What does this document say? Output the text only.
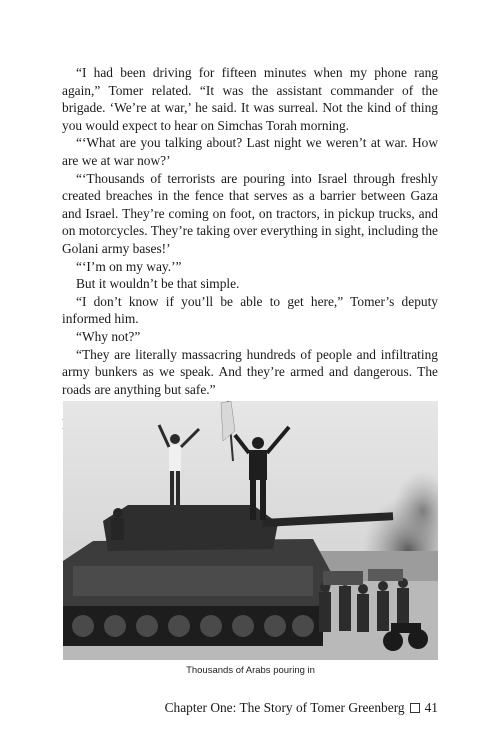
“I had been driving for fifteen minutes when my phone rang again,” Tomer related. “It was the assistant commander of the brigade. ‘We’re at war,’ he said. It was surreal. Not the kind of thing you would expect to hear on Simchas Torah morning.

“‘What are you talking about? Last night we weren’t at war. How are we at war now?’

“‘Thousands of terrorists are pouring into Israel through freshly created breaches in the fence that serves as a barrier between Gaza and Israel. They’re coming on foot, on tractors, in pickup trucks, and on motorcycles. They’re taking over everything in sight, including the Golani army bases!’

“‘I’m on my way.’”

But it wouldn’t be that simple.

“I don’t know if you’ll be able to get here,” Tomer’s deputy informed him.

“Why not?”

“They are literally massacring hundreds of people and infiltrating army bunkers as we speak. And they’re armed and dangerous. The roads are anything but safe.”

Thousands of Arabs pouring in
Chapter One: The Story of Tomer Greenberg 41
